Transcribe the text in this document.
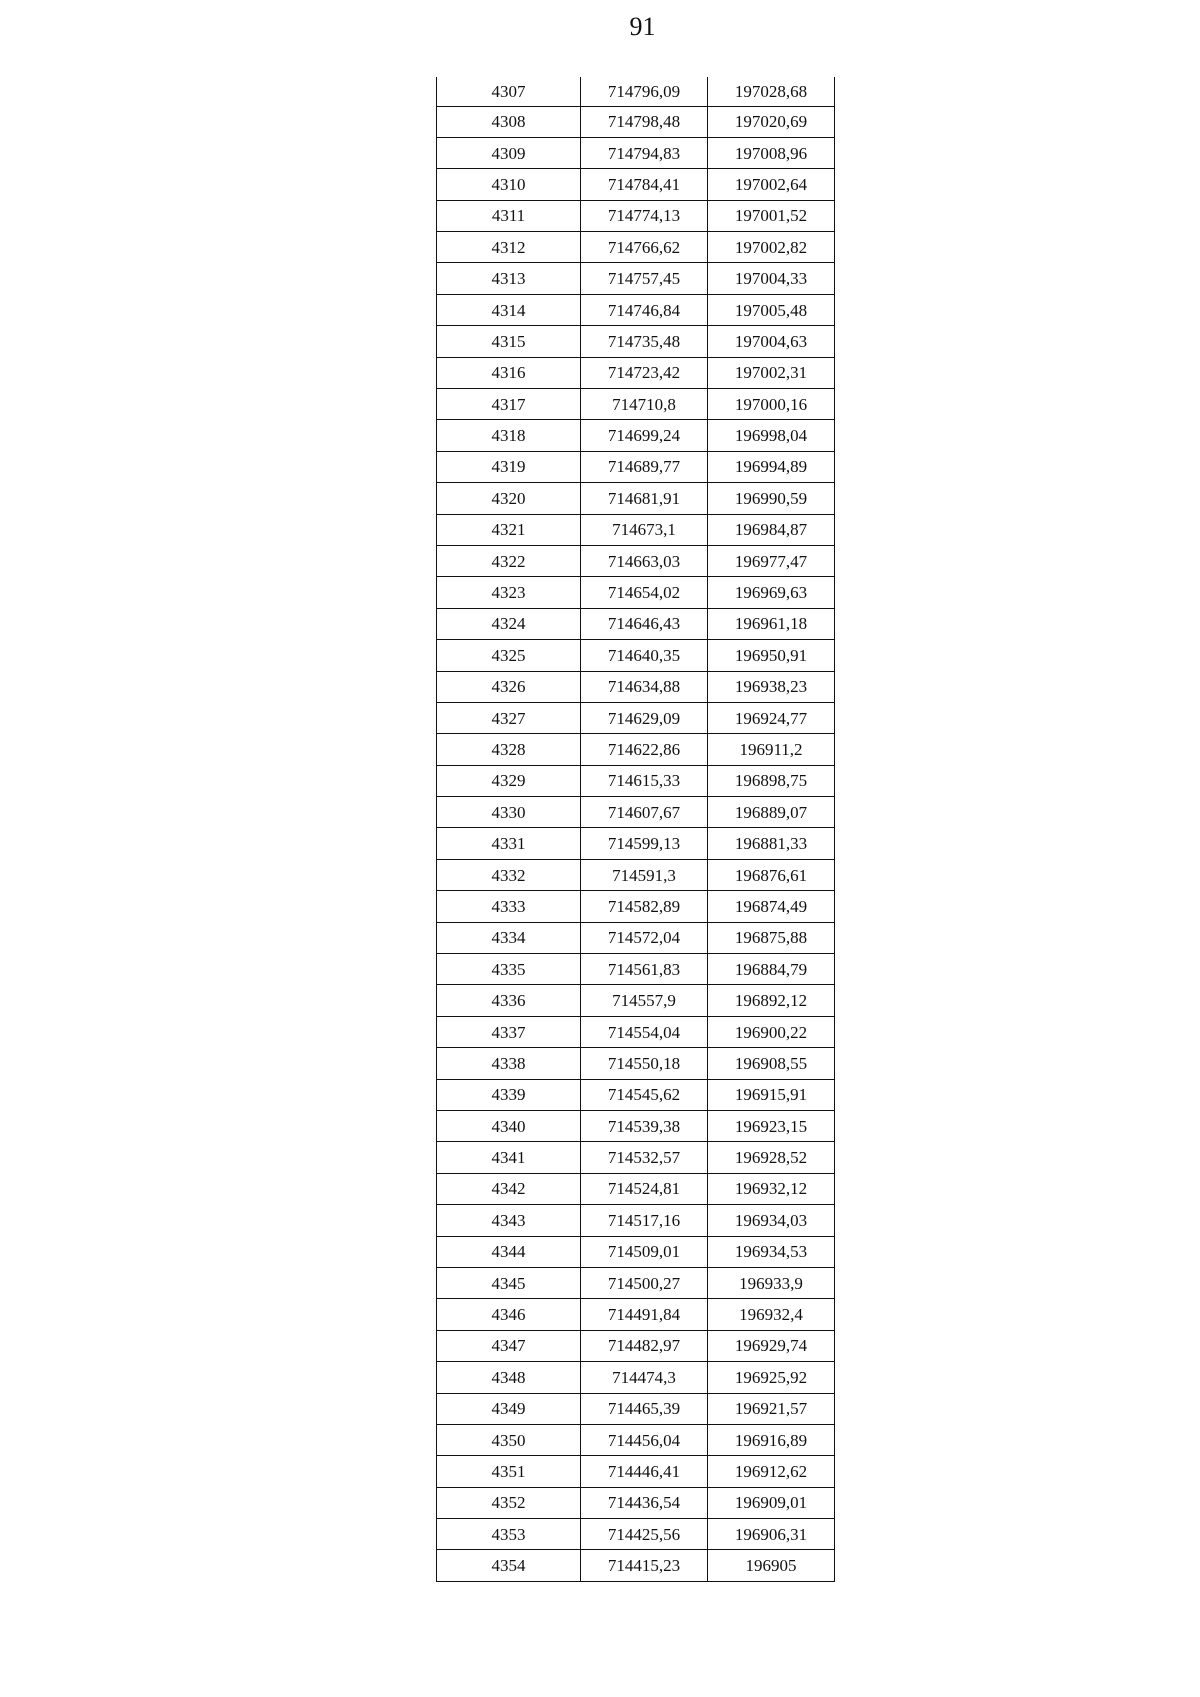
91
4307	714796,09	197028,68
4308	714798,48	197020,69
4309	714794,83	197008,96
4310	714784,41	197002,64
4311	714774,13	197001,52
4312	714766,62	197002,82
4313	714757,45	197004,33
4314	714746,84	197005,48
4315	714735,48	197004,63
4316	714723,42	197002,31
4317	714710,8	197000,16
4318	714699,24	196998,04
4319	714689,77	196994,89
4320	714681,91	196990,59
4321	714673,1	196984,87
4322	714663,03	196977,47
4323	714654,02	196969,63
4324	714646,43	196961,18
4325	714640,35	196950,91
4326	714634,88	196938,23
4327	714629,09	196924,77
4328	714622,86	196911,2
4329	714615,33	196898,75
4330	714607,67	196889,07
4331	714599,13	196881,33
4332	714591,3	196876,61
4333	714582,89	196874,49
4334	714572,04	196875,88
4335	714561,83	196884,79
4336	714557,9	196892,12
4337	714554,04	196900,22
4338	714550,18	196908,55
4339	714545,62	196915,91
4340	714539,38	196923,15
4341	714532,57	196928,52
4342	714524,81	196932,12
4343	714517,16	196934,03
4344	714509,01	196934,53
4345	714500,27	196933,9
4346	714491,84	196932,4
4347	714482,97	196929,74
4348	714474,3	196925,92
4349	714465,39	196921,57
4350	714456,04	196916,89
4351	714446,41	196912,62
4352	714436,54	196909,01
4353	714425,56	196906,31
4354	714415,23	196905
